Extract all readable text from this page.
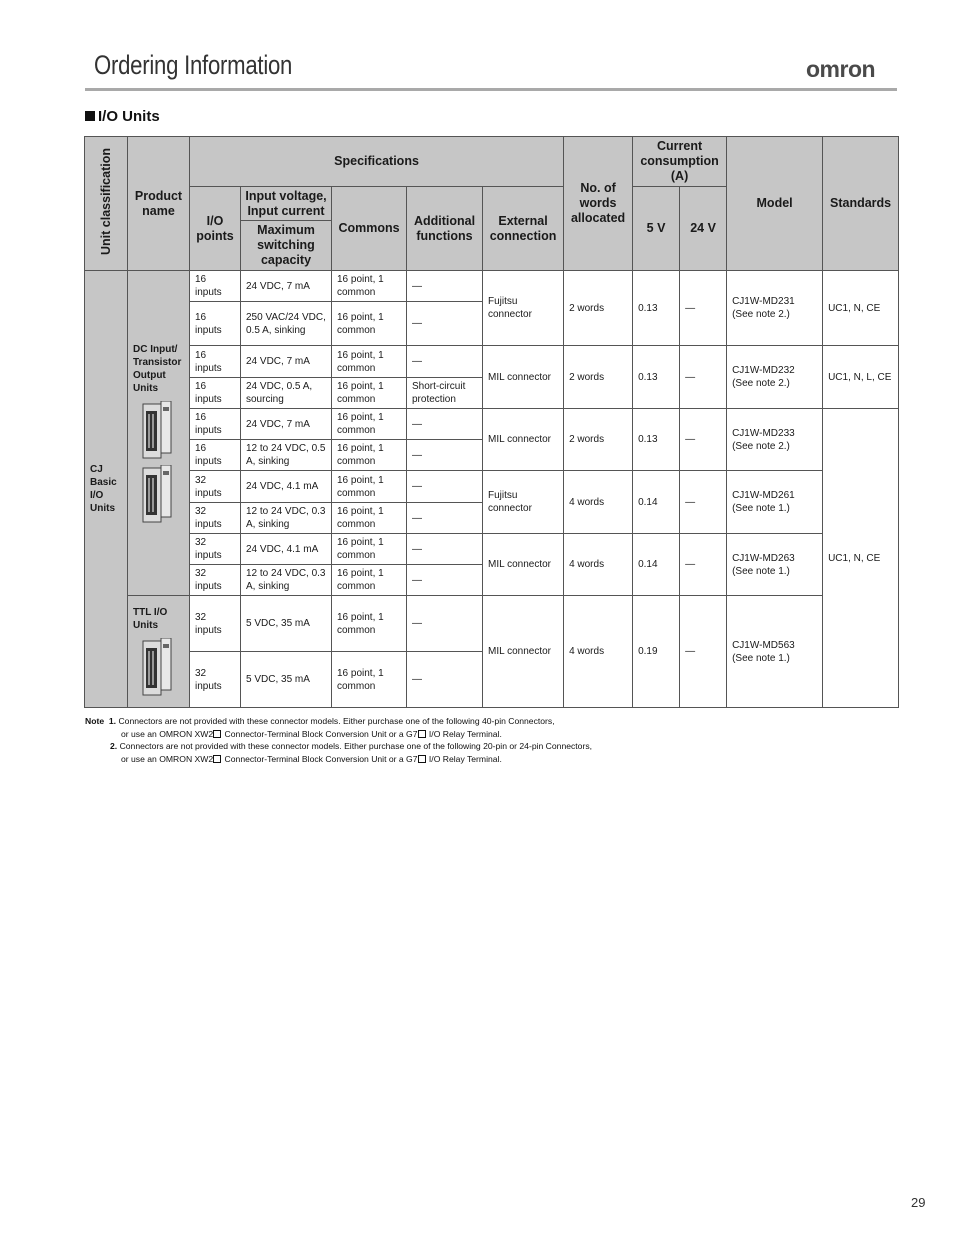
Ordering Information	omron
I/O Units
Unit classification	Product name	Specifications					No. of words allocated	Current consumption (A)		Model	Standards
		I/O points	Input voltage, Input current	Commons	Additional functions	External connection		5 V	24 V		
			Maximum switching capacity								

CJ Basic I/O Units	DC Input/ Transistor Output Units	16 inputs	24 VDC, 7 mA	16 point, 1 common	—	Fujitsu connector	2 words	0.13	—	CJ1W-MD231 (See note 2.)	UC1, N, CE
		16 inputs	250 VAC/24 VDC, 0.5 A, sinking	16 point, 1 common	—						
		16 inputs	24 VDC, 7 mA	16 point, 1 common	—	MIL connector	2 words	0.13	—	CJ1W-MD232 (See note 2.)	UC1, N, L, CE
		16 inputs	24 VDC, 0.5 A, sourcing	16 point, 1 common	Short-circuit protection						
		16 inputs	24 VDC, 7 mA	16 point, 1 common	—	MIL connector	2 words	0.13	—	CJ1W-MD233 (See note 2.)	UC1, N, CE
		16 inputs	12 to 24 VDC, 0.5 A, sinking	16 point, 1 common	—						
		32 inputs	24 VDC, 4.1 mA	16 point, 1 common	—	Fujitsu connector	4 words	0.14	—	CJ1W-MD261 (See note 1.)	
		32 inputs	12 to 24 VDC, 0.3 A, sinking	16 point, 1 common	—						
		32 inputs	24 VDC, 4.1 mA	16 point, 1 common	—	MIL connector	4 words	0.14	—	CJ1W-MD263 (See note 1.)	
		32 inputs	12 to 24 VDC, 0.3 A, sinking	16 point, 1 common	—						
	TTL I/O Units	32 inputs	5 VDC, 35 mA	16 point, 1 common	—	MIL connector	4 words	0.19	—	CJ1W-MD563 (See note 1.)	
		32 inputs	5 VDC, 35 mA	16 point, 1 common	—						
Note 1. Connectors are not provided with these connector models. Either purchase one of the following 40-pin Connectors,
or use an OMRON XW2 Connector-Terminal Block Conversion Unit or a G7 I/O Relay Terminal.
2. Connectors are not provided with these connector models. Either purchase one of the following 20-pin or 24-pin Connectors,
or use an OMRON XW2 Connector-Terminal Block Conversion Unit or a G7 I/O Relay Terminal.
29
